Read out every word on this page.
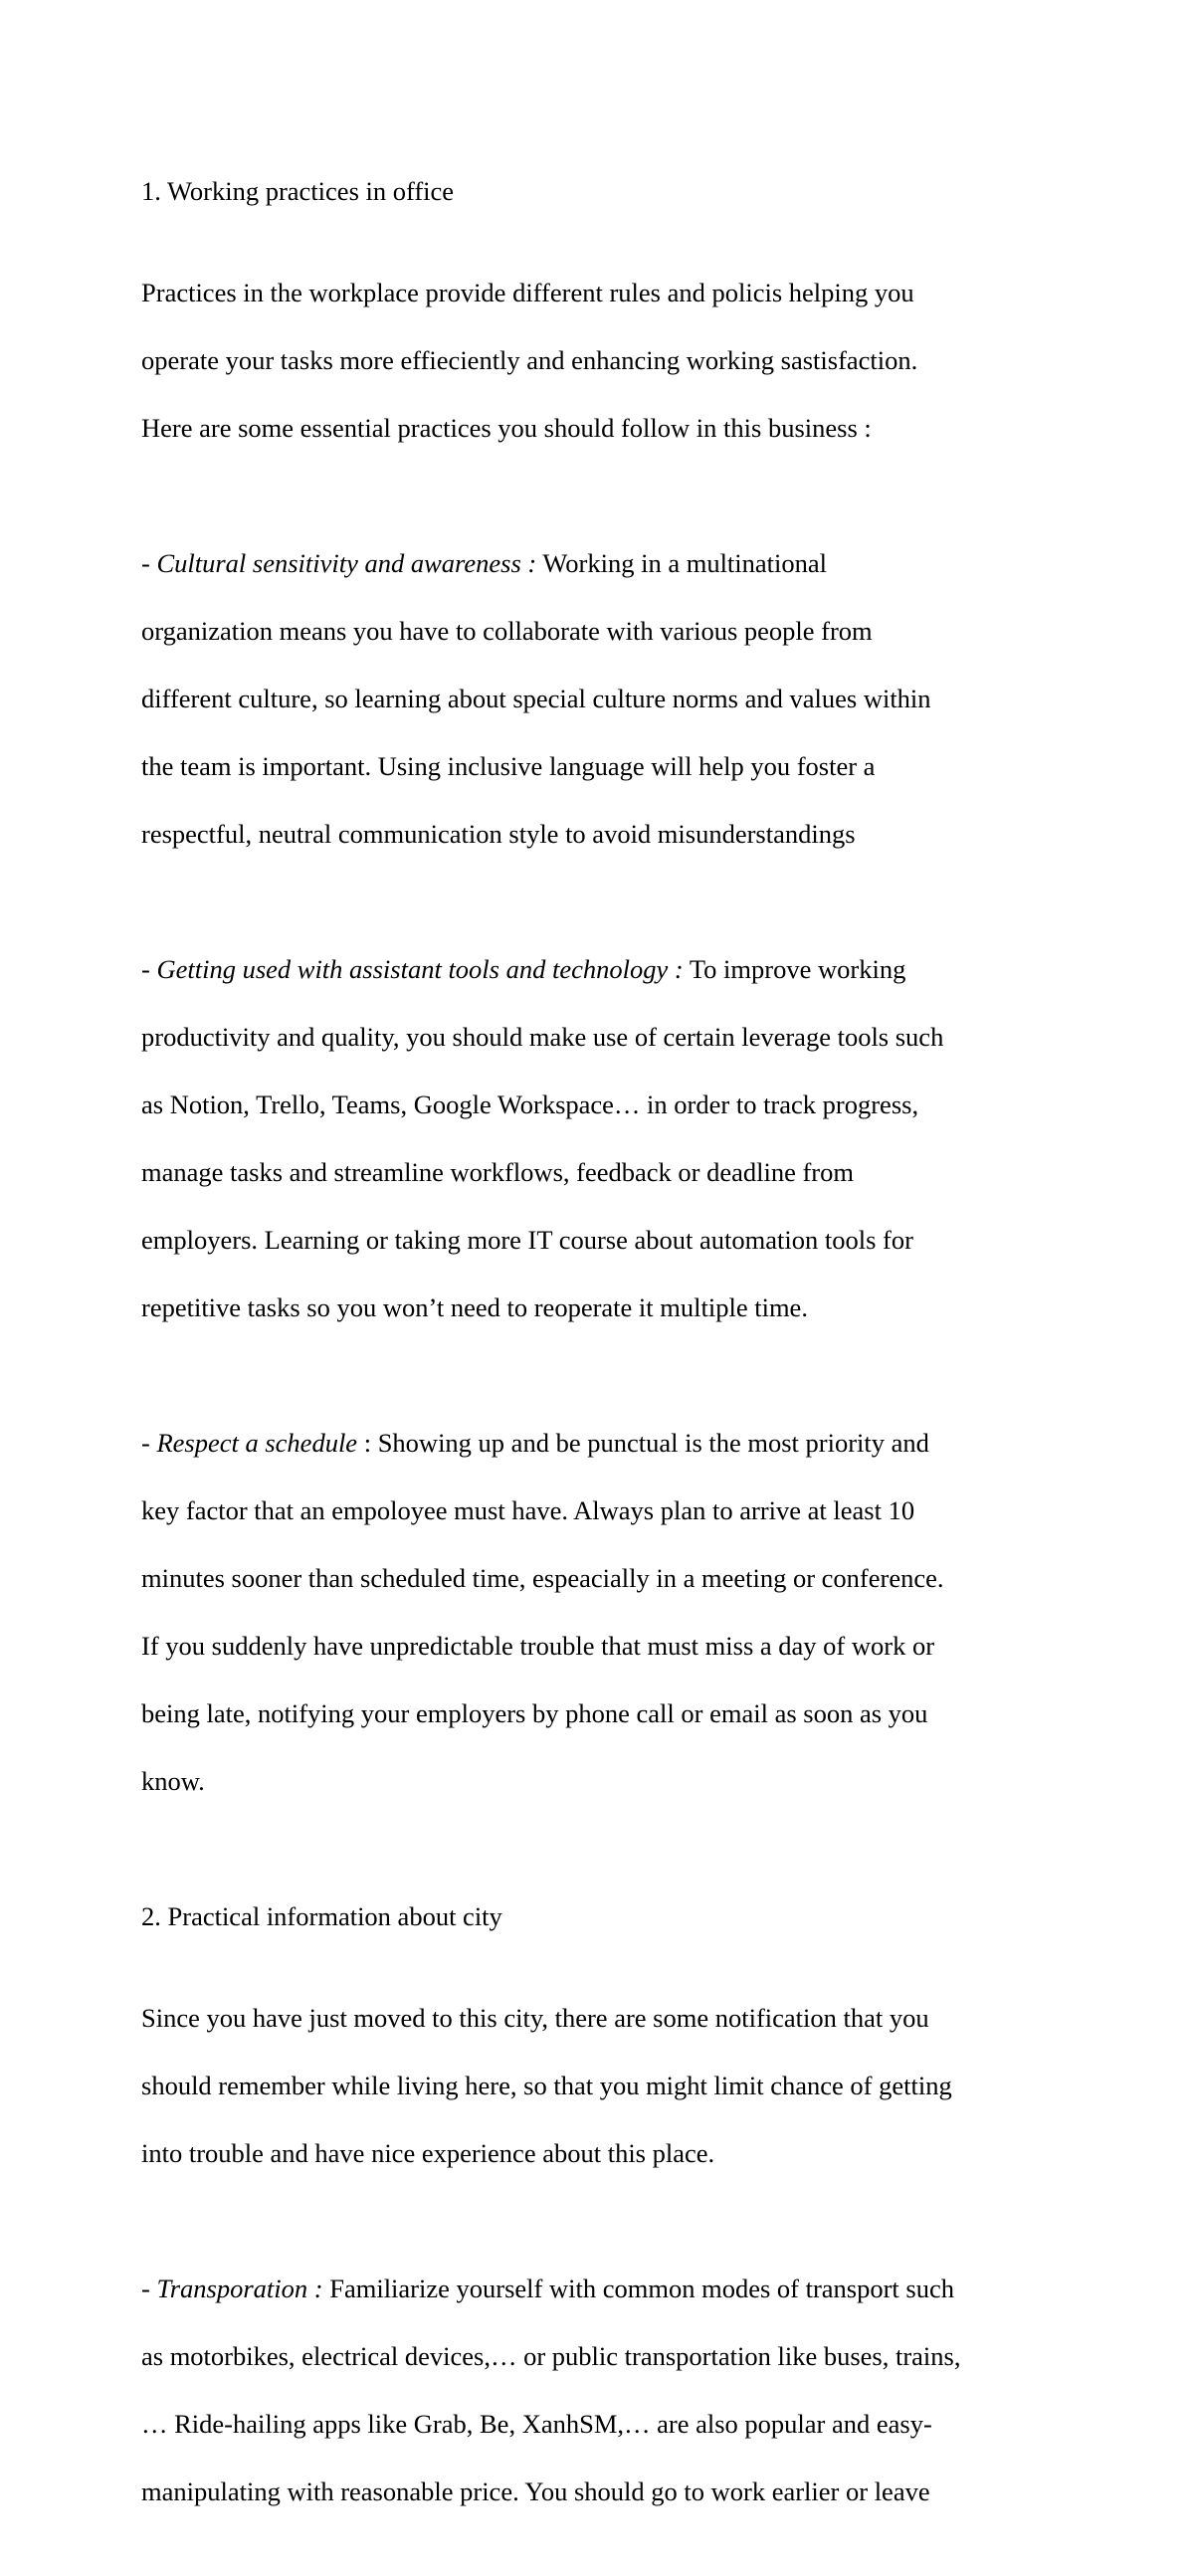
1. Working practices in office

Practices in the workplace provide different rules and policis helping you

operate your tasks more effieciently and enhancing working sastisfaction.

Here are some essential practices you should follow in this business :

- Cultural sensitivity and awareness : Working in a multinational

organization means you have to collaborate with various people from

different culture, so learning about special culture norms and values within

the team is important. Using inclusive language will help you foster a

respectful, neutral communication style to avoid misunderstandings

- Getting used with assistant tools and technology : To improve working

productivity and quality, you should make use of certain leverage tools such

as Notion, Trello, Teams, Google Workspace… in order to track progress,

manage tasks and streamline workflows, feedback or deadline from

employers. Learning or taking more IT course about automation tools for

repetitive tasks so you won’t need to reoperate it multiple time.

- Respect a schedule : Showing up and be punctual is the most priority and

key factor that an empoloyee must have. Always plan to arrive at least 10

minutes sooner than scheduled time, espeacially in a meeting or conference.

If you suddenly have unpredictable trouble that must miss a day of work or

being late, notifying your employers by phone call or email as soon as you

know.

2. Practical information about city

Since you have just moved to this city, there are some notification that you

should remember while living here, so that you might limit chance of getting

into trouble and have nice experience about this place.

- Transporation : Familiarize yourself with common modes of transport such

as motorbikes, electrical devices,… or public transportation like buses, trains,

… Ride-hailing apps like Grab, Be, XanhSM,… are also popular and easy-

manipulating with reasonable price. You should go to work earlier or leave
